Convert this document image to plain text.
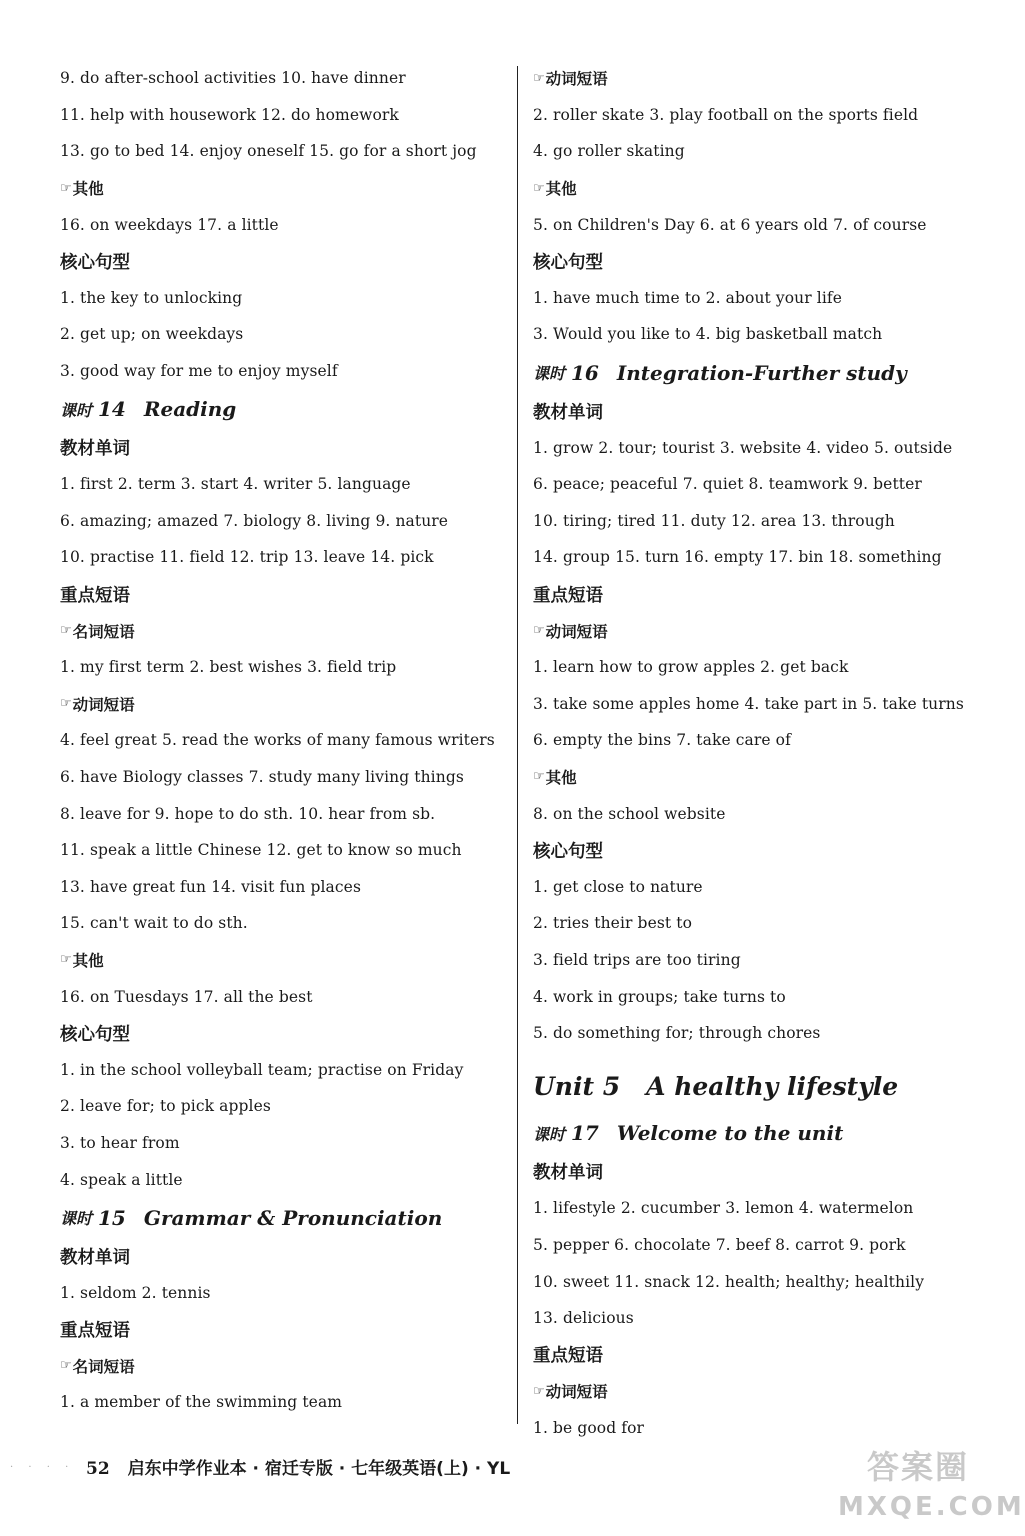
9. do after-school activities 10. have dinner
11. help with housework 12. do homework
13. go to bed 14. enjoy oneself 15. go for a short jog
☞ 其他
16. on weekdays 17. a little
核心句型
1. the key to unlocking
2. get up; on weekdays
3. good way for me to enjoy myself
课时 14 Reading
教材单词
1. first 2. term 3. start 4. writer 5. language
6. amazing; amazed 7. biology 8. living 9. nature
10. practise 11. field 12. trip 13. leave 14. pick
重点短语
☞ 名词短语
1. my first term 2. best wishes 3. field trip
☞ 动词短语
4. feel great 5. read the works of many famous writers
6. have Biology classes 7. study many living things
8. leave for 9. hope to do sth. 10. hear from sb.
11. speak a little Chinese 12. get to know so much
13. have great fun 14. visit fun places
15. can't wait to do sth.
☞ 其他
16. on Tuesdays 17. all the best
核心句型
1. in the school volleyball team; practise on Friday
2. leave for; to pick apples
3. to hear from
4. speak a little
课时 15 Grammar & Pronunciation
教材单词
1. seldom 2. tennis
重点短语
☞ 名词短语
1. a member of the swimming team
☞ 动词短语
2. roller skate 3. play football on the sports field
4. go roller skating
☞ 其他
5. on Children's Day 6. at 6 years old 7. of course
核心句型
1. have much time to 2. about your life
3. Would you like to 4. big basketball match
课时 16 Integration-Further study
教材单词
1. grow 2. tour; tourist 3. website 4. video 5. outside
6. peace; peaceful 7. quiet 8. teamwork 9. better
10. tiring; tired 11. duty 12. area 13. through
14. group 15. turn 16. empty 17. bin 18. something
重点短语
☞ 动词短语
1. learn how to grow apples 2. get back
3. take some apples home 4. take part in 5. take turns
6. empty the bins 7. take care of
☞ 其他
8. on the school website
核心句型
1. get close to nature
2. tries their best to
3. field trips are too tiring
4. work in groups; take turns to
5. do something for; through chores
Unit 5 A healthy lifestyle
课时 17 Welcome to the unit
教材单词
1. lifestyle 2. cucumber 3. lemon 4. watermelon
5. pepper 6. chocolate 7. beef 8. carrot 9. pork
10. sweet 11. snack 12. health; healthy; healthily
13. delicious
重点短语
☞ 动词短语
1. be good for
· · · · 52 启东中学作业本 · 宿迁专版 · 七年级英语(上) · YL	答案圈
MXQE.COM
